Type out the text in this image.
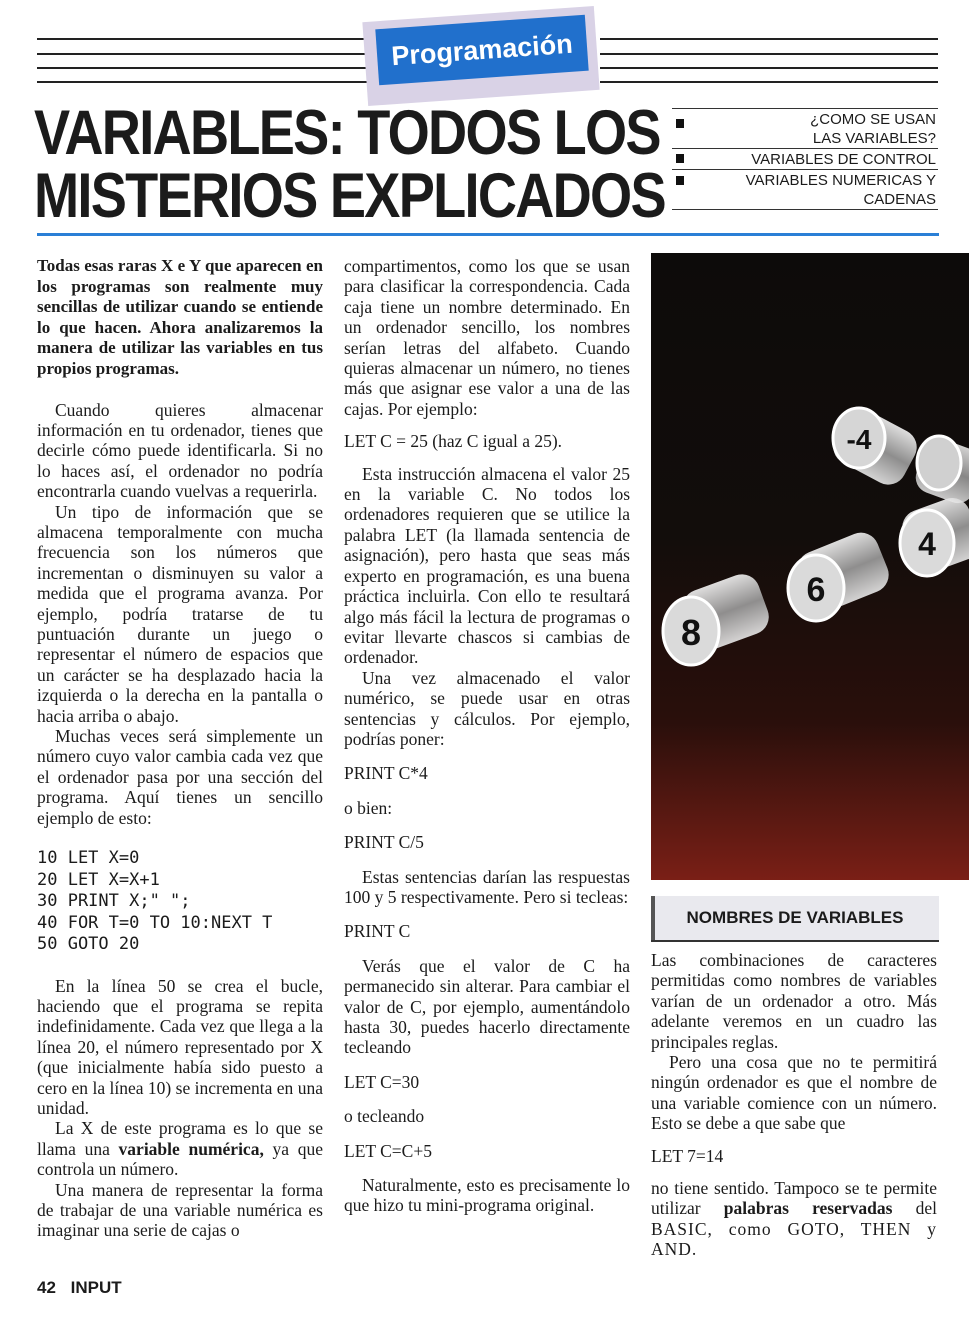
Programación
VARIABLES: TODOS LOS
MISTERIOS EXPLICADOS
¿COMO SE USAN
LAS VARIABLES?
VARIABLES DE CONTROL
VARIABLES NUMERICAS Y
CADENAS

Todas esas raras X e Y que aparecen en los programas son realmente muy sencillas de utilizar cuando se entiende lo que hacen. Ahora analizaremos la manera de utilizar las variables en tus propios programas.

Cuando quieres almacenar información en tu ordenador, tienes que decirle cómo puede identificarla. Si no lo haces así, el ordenador no podría encontrarla cuando vuelvas a requerirla.

Un tipo de información que se almacena temporalmente con mucha frecuencia son los números que incrementan o disminuyen su valor a medida que el programa avanza. Por ejemplo, podría tratarse de tu puntuación durante un juego o representar el número de espacios que un carácter se ha desplazado hacia la izquierda o la derecha en la pantalla o hacia arriba o abajo.

Muchas veces será simplemente un número cuyo valor cambia cada vez que el ordenador pasa por una sección del programa. Aquí tienes un sencillo ejemplo de esto:

10 LET X=0
20 LET X=X+1
30 PRINT X;" ";
40 FOR T=0 TO 10:NEXT T
50 GOTO 20

En la línea 50 se crea el bucle, haciendo que el programa se repita indefinidamente. Cada vez que llega a la línea 20, el número representado por X (que inicialmente había sido puesto a cero en la línea 10) se incrementa en una unidad.

La X de este programa es lo que se llama una variable numérica, ya que controla un número.

Una manera de representar la forma de trabajar de una variable numérica es imaginar una serie de cajas o

compartimentos, como los que se usan para clasificar la correspondencia. Cada caja tiene un nombre determinado. En un ordenador sencillo, los nombres serían letras del alfabeto. Cuando quieras almacenar un número, no tienes más que asignar ese valor a una de las cajas. Por ejemplo:

LET C = 25 (haz C igual a 25).

Esta instrucción almacena el valor 25 en la variable C. No todos los ordenadores requieren que se utilice la palabra LET (la llamada sentencia de asignación), pero hasta que seas más experto en programación, es una buena práctica incluirla. Con ello te resultará algo más fácil la lectura de programas o evitar llevarte chascos si cambias de ordenador.

Una vez almacenado el valor numérico, se puede usar en otras sentencias y cálculos. Por ejemplo, podrías poner:

PRINT C*4

o bien:

PRINT C/5

Estas sentencias darían las respuestas 100 y 5 respectivamente. Pero si tecleas:

PRINT C

Verás que el valor de C ha permanecido sin alterar. Para cambiar el valor de C, por ejemplo, aumentándolo hasta 30, puedes hacerlo directamente tecleando

LET C=30

o tecleando

LET C=C+5

Naturalmente, esto es precisamente lo que hizo tu mini-programa original.

8
6
4
-4
NOMBRES DE VARIABLES

Las combinaciones de caracteres permitidas como nombres de variables varían de un ordenador a otro. Más adelante veremos en un cuadro las principales reglas.

Pero una cosa que no te permitirá ningún ordenador es que el nombre de una variable comience con un número. Esto se debe a que sabe que

LET 7=14

no tiene sentido. Tampoco se te permite utilizar palabras reservadas del BASIC, como GOTO, THEN y AND.

42 INPUT
